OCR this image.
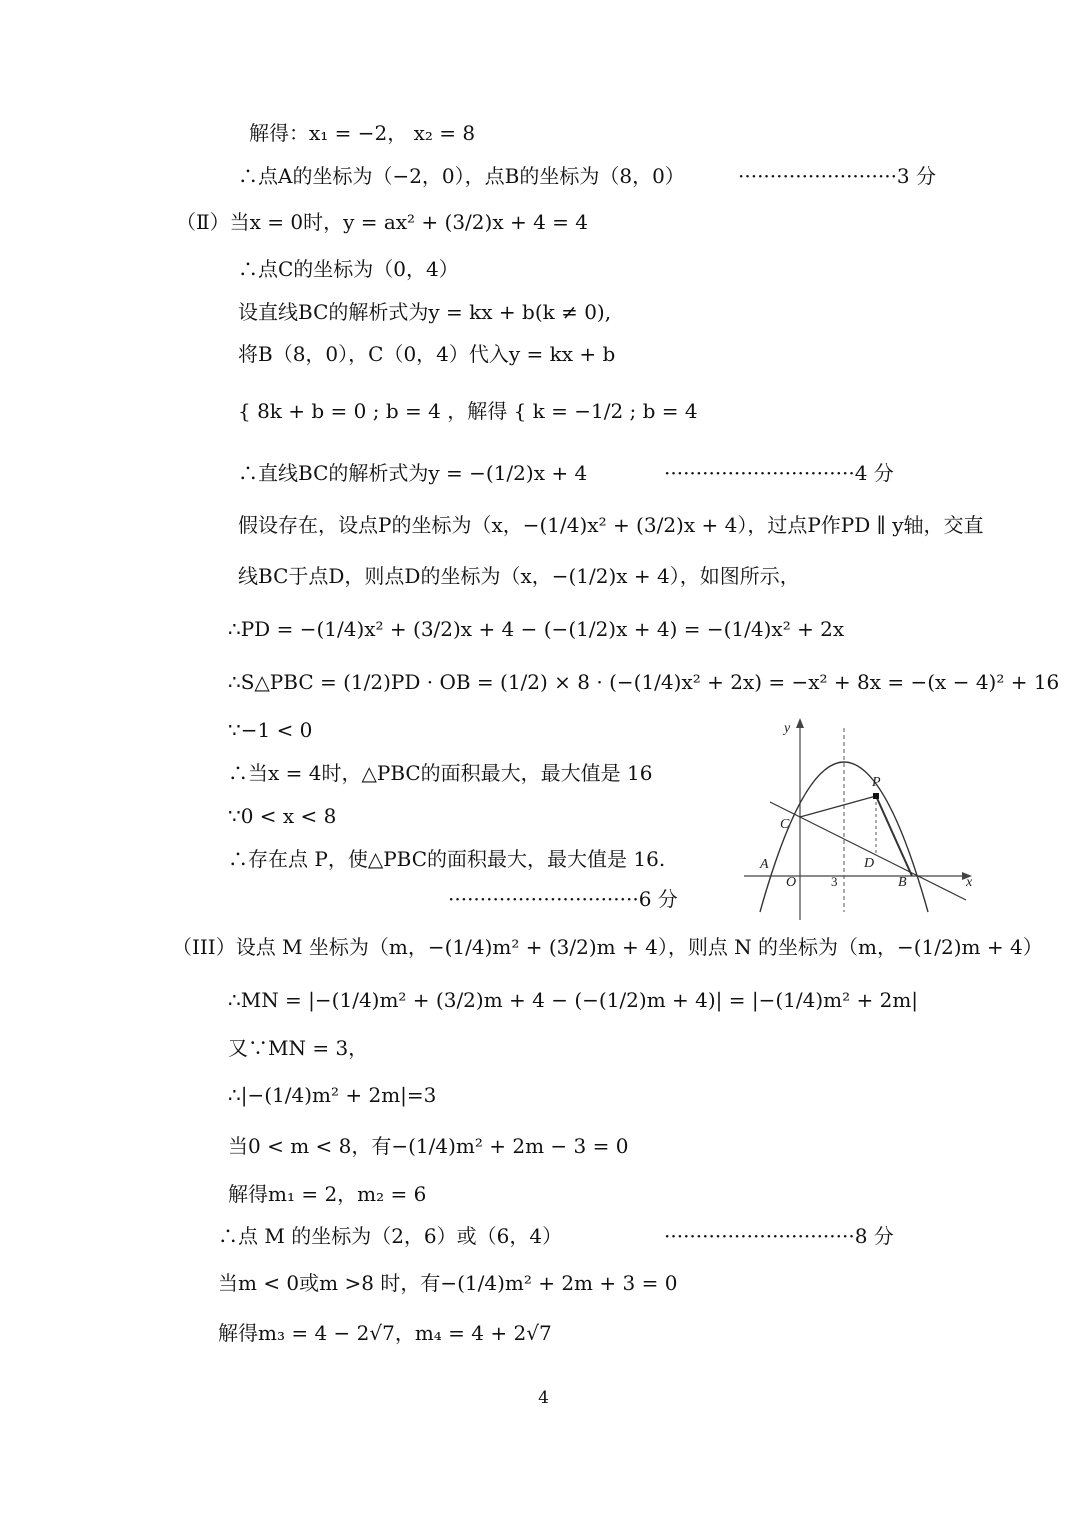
解得：x₁ = −2， x₂ = 8
∴点A的坐标为（−2，0），点B的坐标为（8，0）	·························3 分
（Ⅱ）当x = 0时，y = ax² + (3/2)x + 4 = 4
∴点C的坐标为（0，4）
设直线BC的解析式为y = kx + b(k ≠ 0),
将B（8，0），C（0，4）代入y = kx + b
{ 8k + b = 0 ; b = 4 ，解得 { k = −1/2 ; b = 4
∴直线BC的解析式为y = −(1/2)x + 4	······························4 分
假设存在，设点P的坐标为（x，−(1/4)x² + (3/2)x + 4），过点P作PD ∥ y轴，交直
线BC于点D，则点D的坐标为（x，−(1/2)x + 4），如图所示，
∴PD = −(1/4)x² + (3/2)x + 4 − (−(1/2)x + 4) = −(1/4)x² + 2x
∴S△PBC = (1/2)PD · OB = (1/2) × 8 · (−(1/4)x² + 2x) = −x² + 8x = −(x − 4)² + 16
∵−1 < 0
∴当x = 4时，△PBC的面积最大，最大值是 16
∵0 < x < 8
∴存在点 P，使△PBC的面积最大，最大值是 16.
······························6 分
y
x
P
C
D
A
O	3	B
（III）设点 M 坐标为（m，−(1/4)m² + (3/2)m + 4），则点 N 的坐标为（m，−(1/2)m + 4）
∴MN = |−(1/4)m² + (3/2)m + 4 − (−(1/2)m + 4)| = |−(1/4)m² + 2m|
又∵MN = 3，
∴|−(1/4)m² + 2m|=3
当0 < m < 8，有−(1/4)m² + 2m − 3 = 0
解得m₁ = 2，m₂ = 6
∴点 M 的坐标为（2，6）或（6，4）	······························8 分
当m < 0或m >8 时，有−(1/4)m² + 2m + 3 = 0
解得m₃ = 4 − 2√7，m₄ = 4 + 2√7
4
